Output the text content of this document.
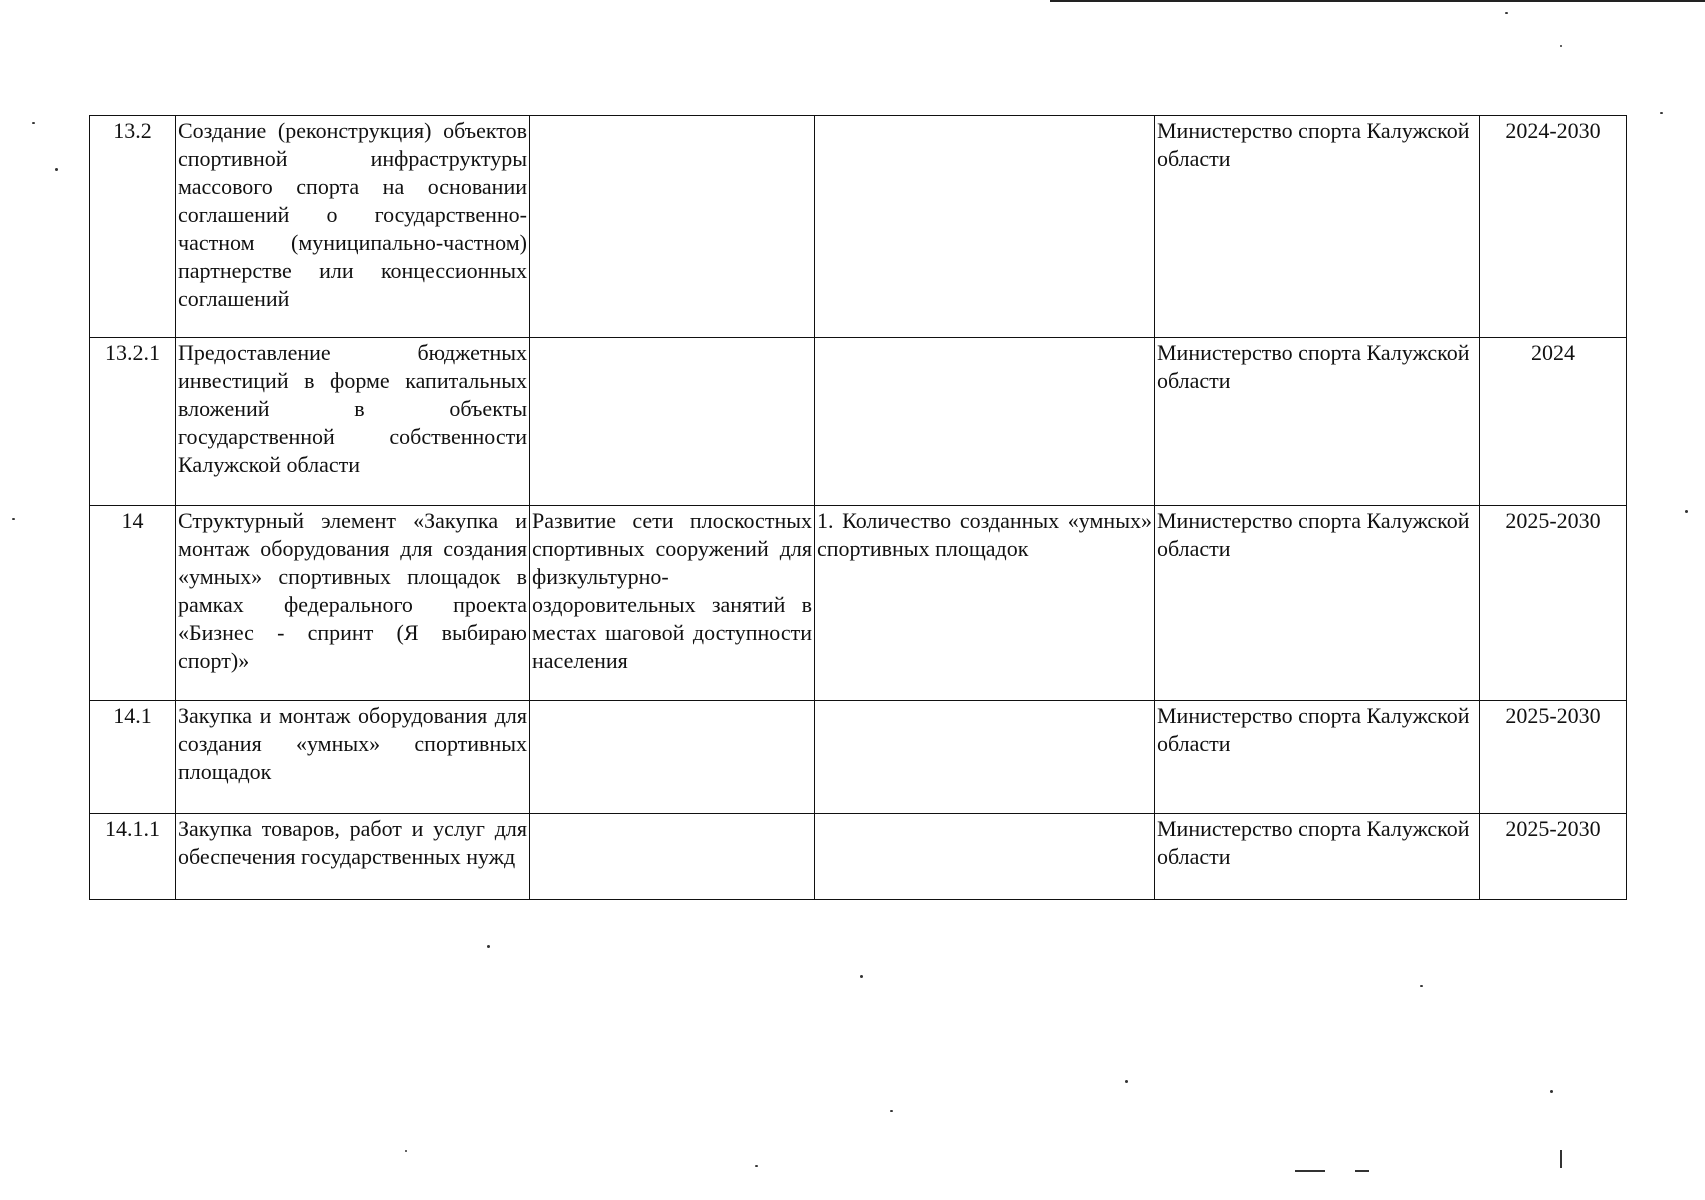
13.2	Создание (реконструкция) объектов спортивной инфраструктуры массового спорта на основании соглашений о государственно-частном (муниципально-частном) партнерстве или концессионных соглашений			Министерство спорта Калужской области	2024-2030
13.2.1	Предоставление бюджетных инвестиций в форме капитальных вложений в объекты государственной собственности Калужской области			Министерство спорта Калужской области	2024
14	Структурный элемент «Закупка и монтаж оборудования для создания «умных» спортивных площадок в рамках федерального проекта «Бизнес - спринт (Я выбираю спорт)»	Развитие сети плоскостных спортивных сооружений для физкультурно-оздоровительных занятий в местах шаговой доступности населения	1. Количество созданных «умных» спортивных площадок	Министерство спорта Калужской области	2025-2030
14.1	Закупка и монтаж оборудования для создания «умных» спортивных площадок			Министерство спорта Калужской области	2025-2030
14.1.1	Закупка товаров, работ и услуг для обеспечения государственных нужд			Министерство спорта Калужской области	2025-2030
